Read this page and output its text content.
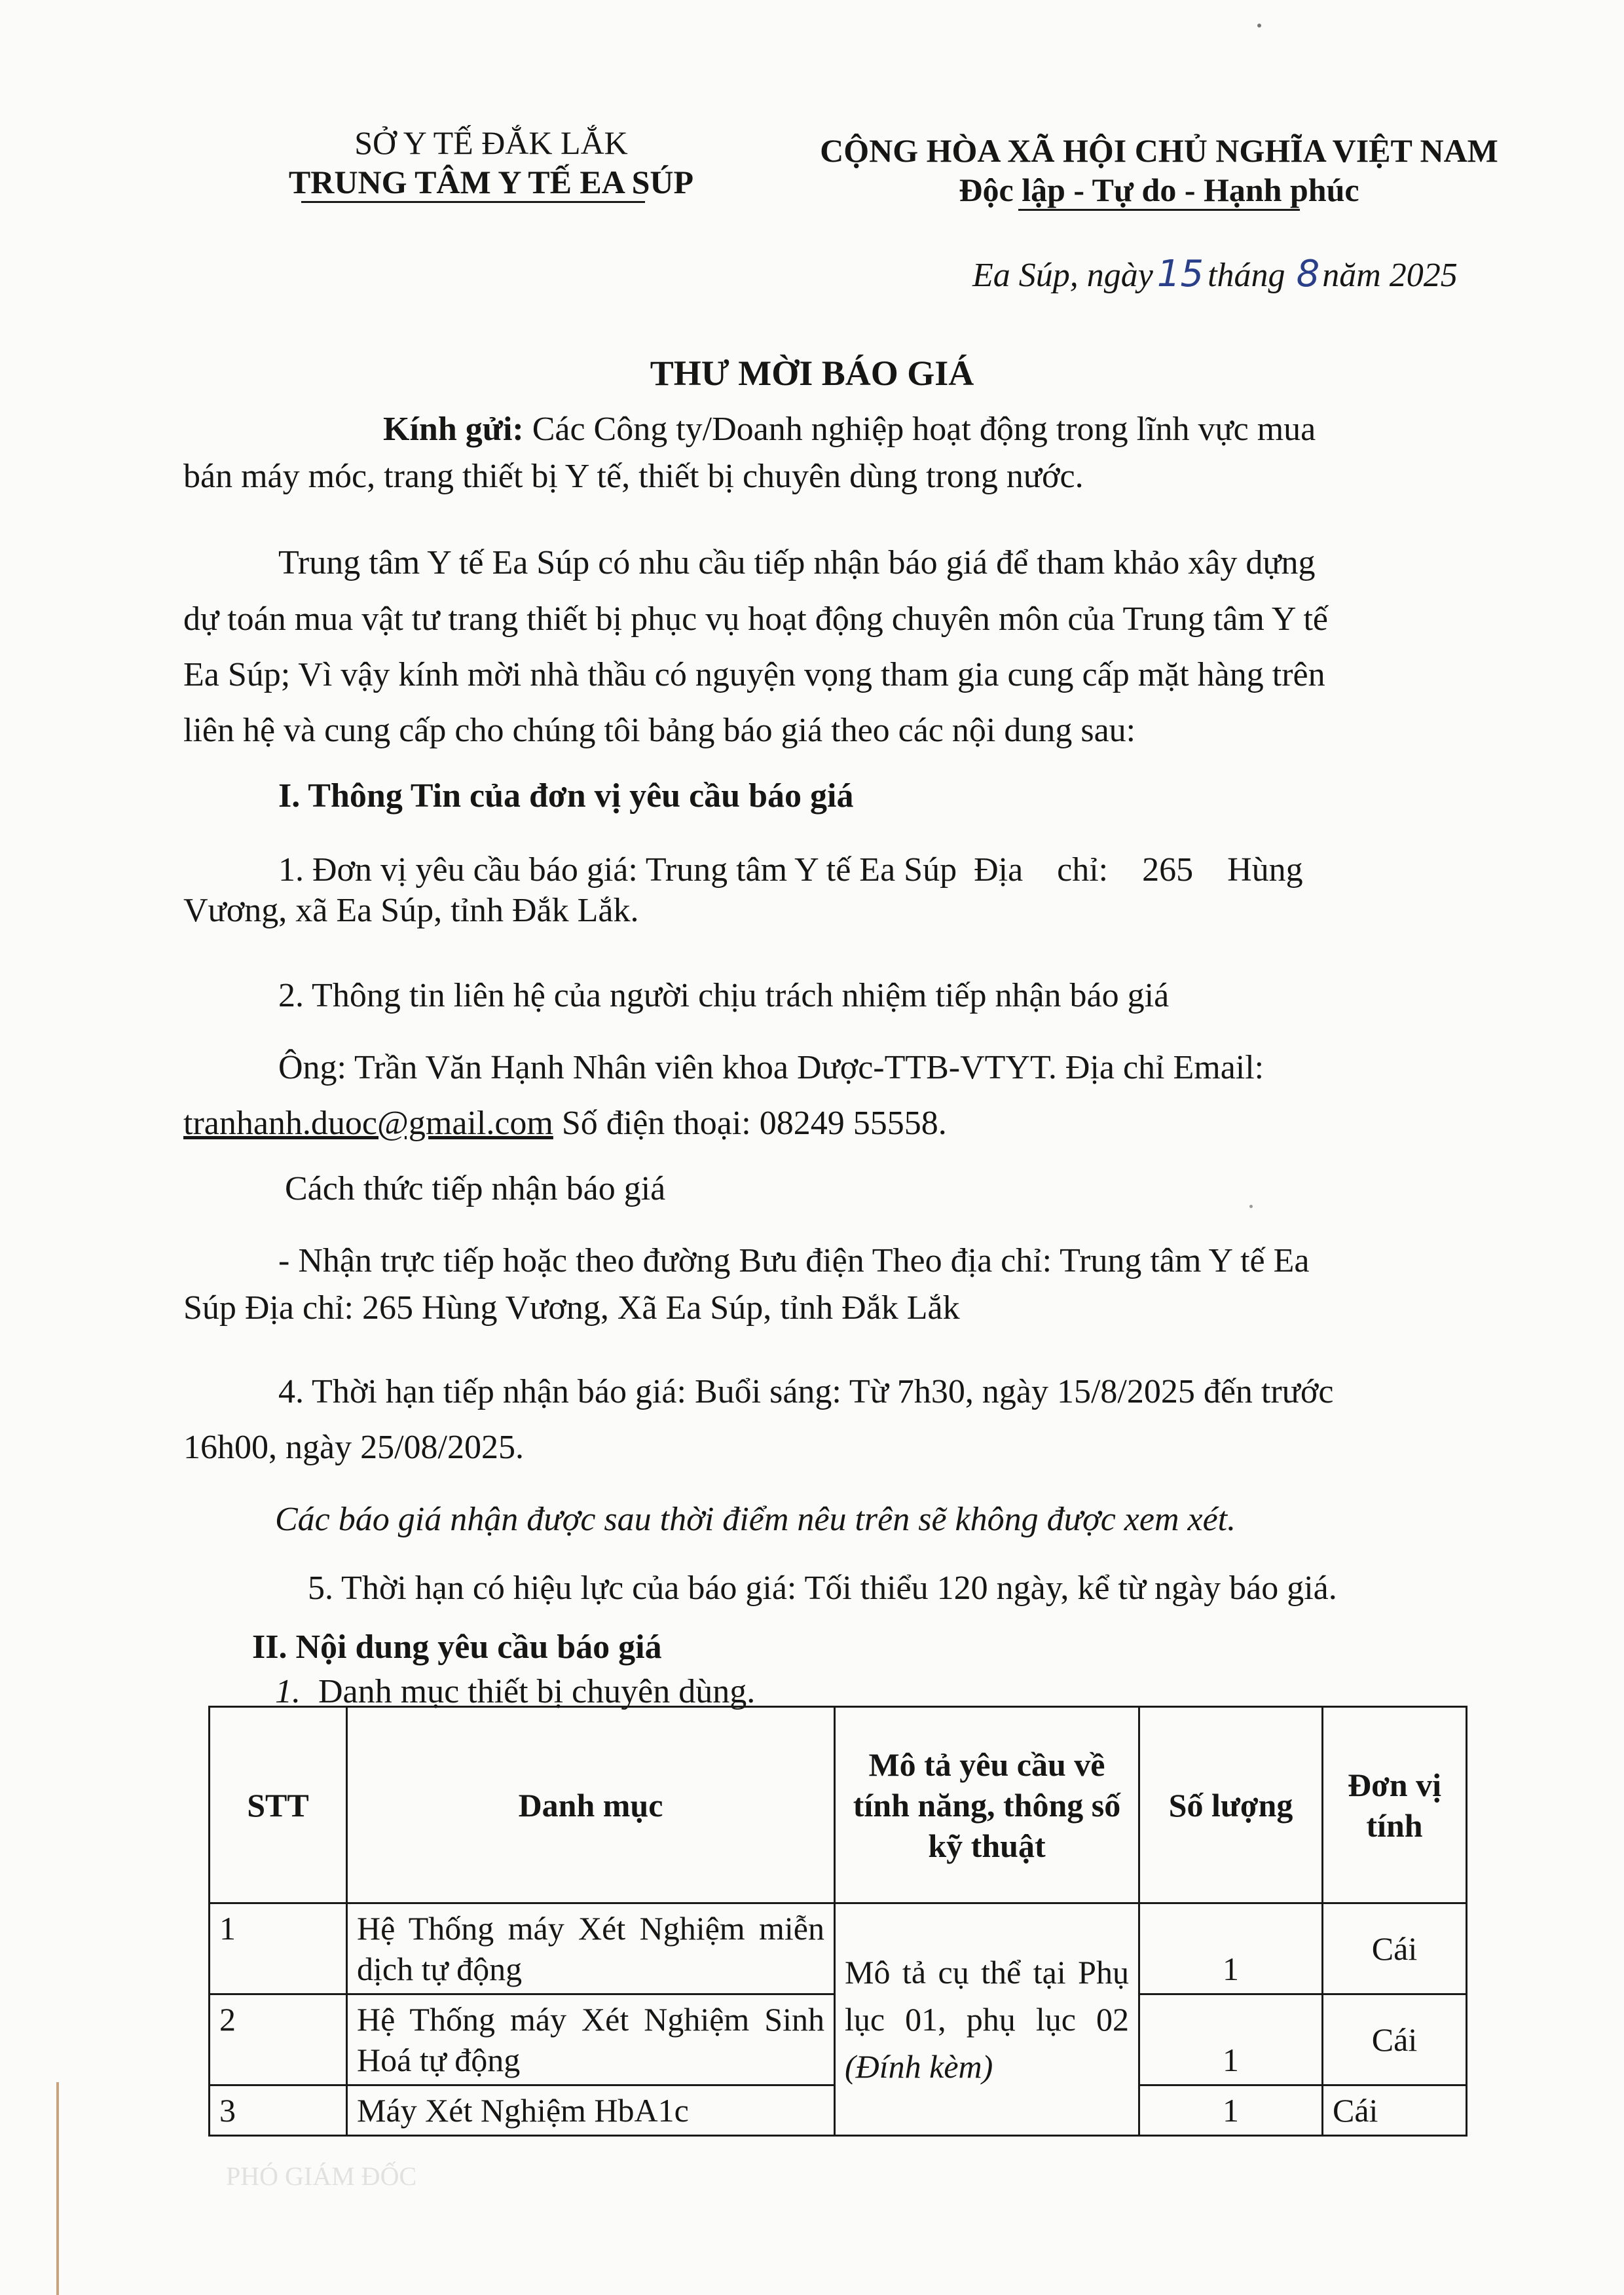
SỞ Y TẾ ĐẮK LẮK
TRUNG TÂM Y TẾ EA SÚP
CỘNG HÒA XÃ HỘI CHỦ NGHĨA VIỆT NAM
Độc lập - Tự do - Hạnh phúc
Ea Súp, ngày 15 tháng 8năm 2025
THƯ MỜI BÁO GIÁ
Kính gửi: Các Công ty/Doanh nghiệp hoạt động trong lĩnh vực mua
bán máy móc, trang thiết bị Y tế, thiết bị chuyên dùng trong nước.
Trung tâm Y tế Ea Súp có nhu cầu tiếp nhận báo giá để tham khảo xây dựng
dự toán mua vật tư trang thiết bị phục vụ hoạt động chuyên môn của Trung tâm Y tế
Ea Súp; Vì vậy kính mời nhà thầu có nguyện vọng tham gia cung cấp mặt hàng trên
liên hệ và cung cấp cho chúng tôi bảng báo giá theo các nội dung sau:
I. Thông Tin của đơn vị yêu cầu báo giá
1. Đơn vị yêu cầu báo giá: Trung tâm Y tế Ea Súp  Địa    chỉ:    265    Hùng
Vương, xã Ea Súp, tỉnh Đắk Lắk.
2. Thông tin liên hệ của người chịu trách nhiệm tiếp nhận báo giá
Ông: Trần Văn Hạnh Nhân viên khoa Dược-TTB-VTYT. Địa chỉ Email:
tranhanh.duoc@gmail.com Số điện thoại: 08249 55558.
Cách thức tiếp nhận báo giá
- Nhận trực tiếp hoặc theo đường Bưu điện Theo địa chỉ: Trung tâm Y tế Ea
Súp Địa chỉ: 265 Hùng Vương, Xã Ea Súp, tỉnh Đắk Lắk
4. Thời hạn tiếp nhận báo giá: Buổi sáng: Từ 7h30, ngày 15/8/2025 đến trước
16h00, ngày 25/08/2025.
Các báo giá nhận được sau thời điểm nêu trên sẽ không được xem xét.
5. Thời hạn có hiệu lực của báo giá: Tối thiểu 120 ngày, kể từ ngày báo giá.
II. Nội dung yêu cầu báo giá
1. Danh mục thiết bị chuyên dùng.
STT	Danh mục	Mô tả yêu cầu về tính năng, thông số kỹ thuật	Số lượng	Đơn vị tính
1	Hệ Thống máy Xét Nghiệm miễn dịch tự động	Mô tả cụ thể tại Phụ lục 01, phụ lục 02 (Đính kèm)	1	Cái
2	Hệ Thống máy Xét Nghiệm Sinh Hoá tự động		1	Cái
3	Máy Xét Nghiệm HbA1c		1	Cái
PHÓ GIÁM ĐỐC
